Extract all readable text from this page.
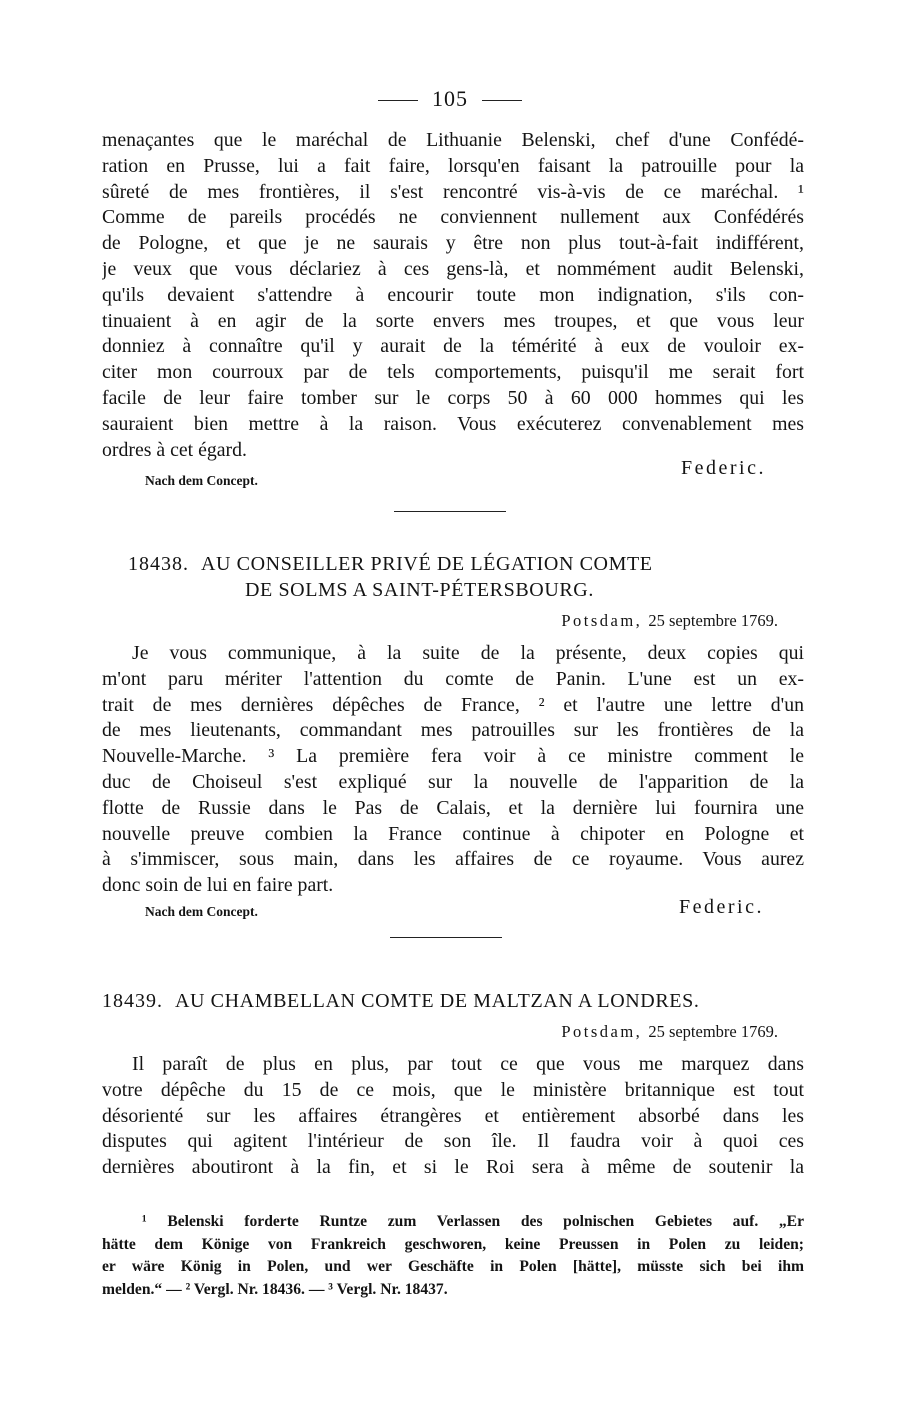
105
menaçantes que le maréchal de Lithuanie Belenski, chef d'une Confédé-
ration en Prusse, lui a fait faire, lorsqu'en faisant la patrouille pour la
sûreté de mes frontières, il s'est rencontré vis-à-vis de ce maréchal. ¹
Comme de pareils procédés ne conviennent nullement aux Confédérés
de Pologne, et que je ne saurais y être non plus tout-à-fait indifférent,
je veux que vous déclariez à ces gens-là, et nommément audit Belenski,
qu'ils devaient s'attendre à encourir toute mon indignation, s'ils con-
tinuaient à en agir de la sorte envers mes troupes, et que vous leur
donniez à connaître qu'il y aurait de la témérité à eux de vouloir ex-
citer mon courroux par de tels comportements, puisqu'il me serait fort
facile de leur faire tomber sur le corps 50 à 60 000 hommes qui les
sauraient bien mettre à la raison. Vous exécuterez convenablement mes
ordres à cet égard.
Federic.
Nach dem Concept.
18438. AU CONSEILLER PRIVÉ DE LÉGATION COMTE
DE SOLMS A SAINT-PÉTERSBOURG.
Potsdam, 25 septembre 1769.
Je vous communique, à la suite de la présente, deux copies qui
m'ont paru mériter l'attention du comte de Panin. L'une est un ex-
trait de mes dernières dépêches de France, ² et l'autre une lettre d'un
de mes lieutenants, commandant mes patrouilles sur les frontières de la
Nouvelle-Marche. ³ La première fera voir à ce ministre comment le
duc de Choiseul s'est expliqué sur la nouvelle de l'apparition de la
flotte de Russie dans le Pas de Calais, et la dernière lui fournira une
nouvelle preuve combien la France continue à chipoter en Pologne et
à s'immiscer, sous main, dans les affaires de ce royaume. Vous aurez
donc soin de lui en faire part.
Federic.
Nach dem Concept.
18439. AU CHAMBELLAN COMTE DE MALTZAN A LONDRES.
Potsdam, 25 septembre 1769.
Il paraît de plus en plus, par tout ce que vous me marquez dans
votre dépêche du 15 de ce mois, que le ministère britannique est tout
désorienté sur les affaires étrangères et entièrement absorbé dans les
disputes qui agitent l'intérieur de son île. Il faudra voir à quoi ces
dernières aboutiront à la fin, et si le Roi sera à même de soutenir la
¹ Belenski forderte Runtze zum Verlassen des polnischen Gebietes auf. „Er
hätte dem Könige von Frankreich geschworen, keine Preussen in Polen zu leiden;
er wäre König in Polen, und wer Geschäfte in Polen [hätte], müsste sich bei ihm
melden.“ — ² Vergl. Nr. 18436. — ³ Vergl. Nr. 18437.
